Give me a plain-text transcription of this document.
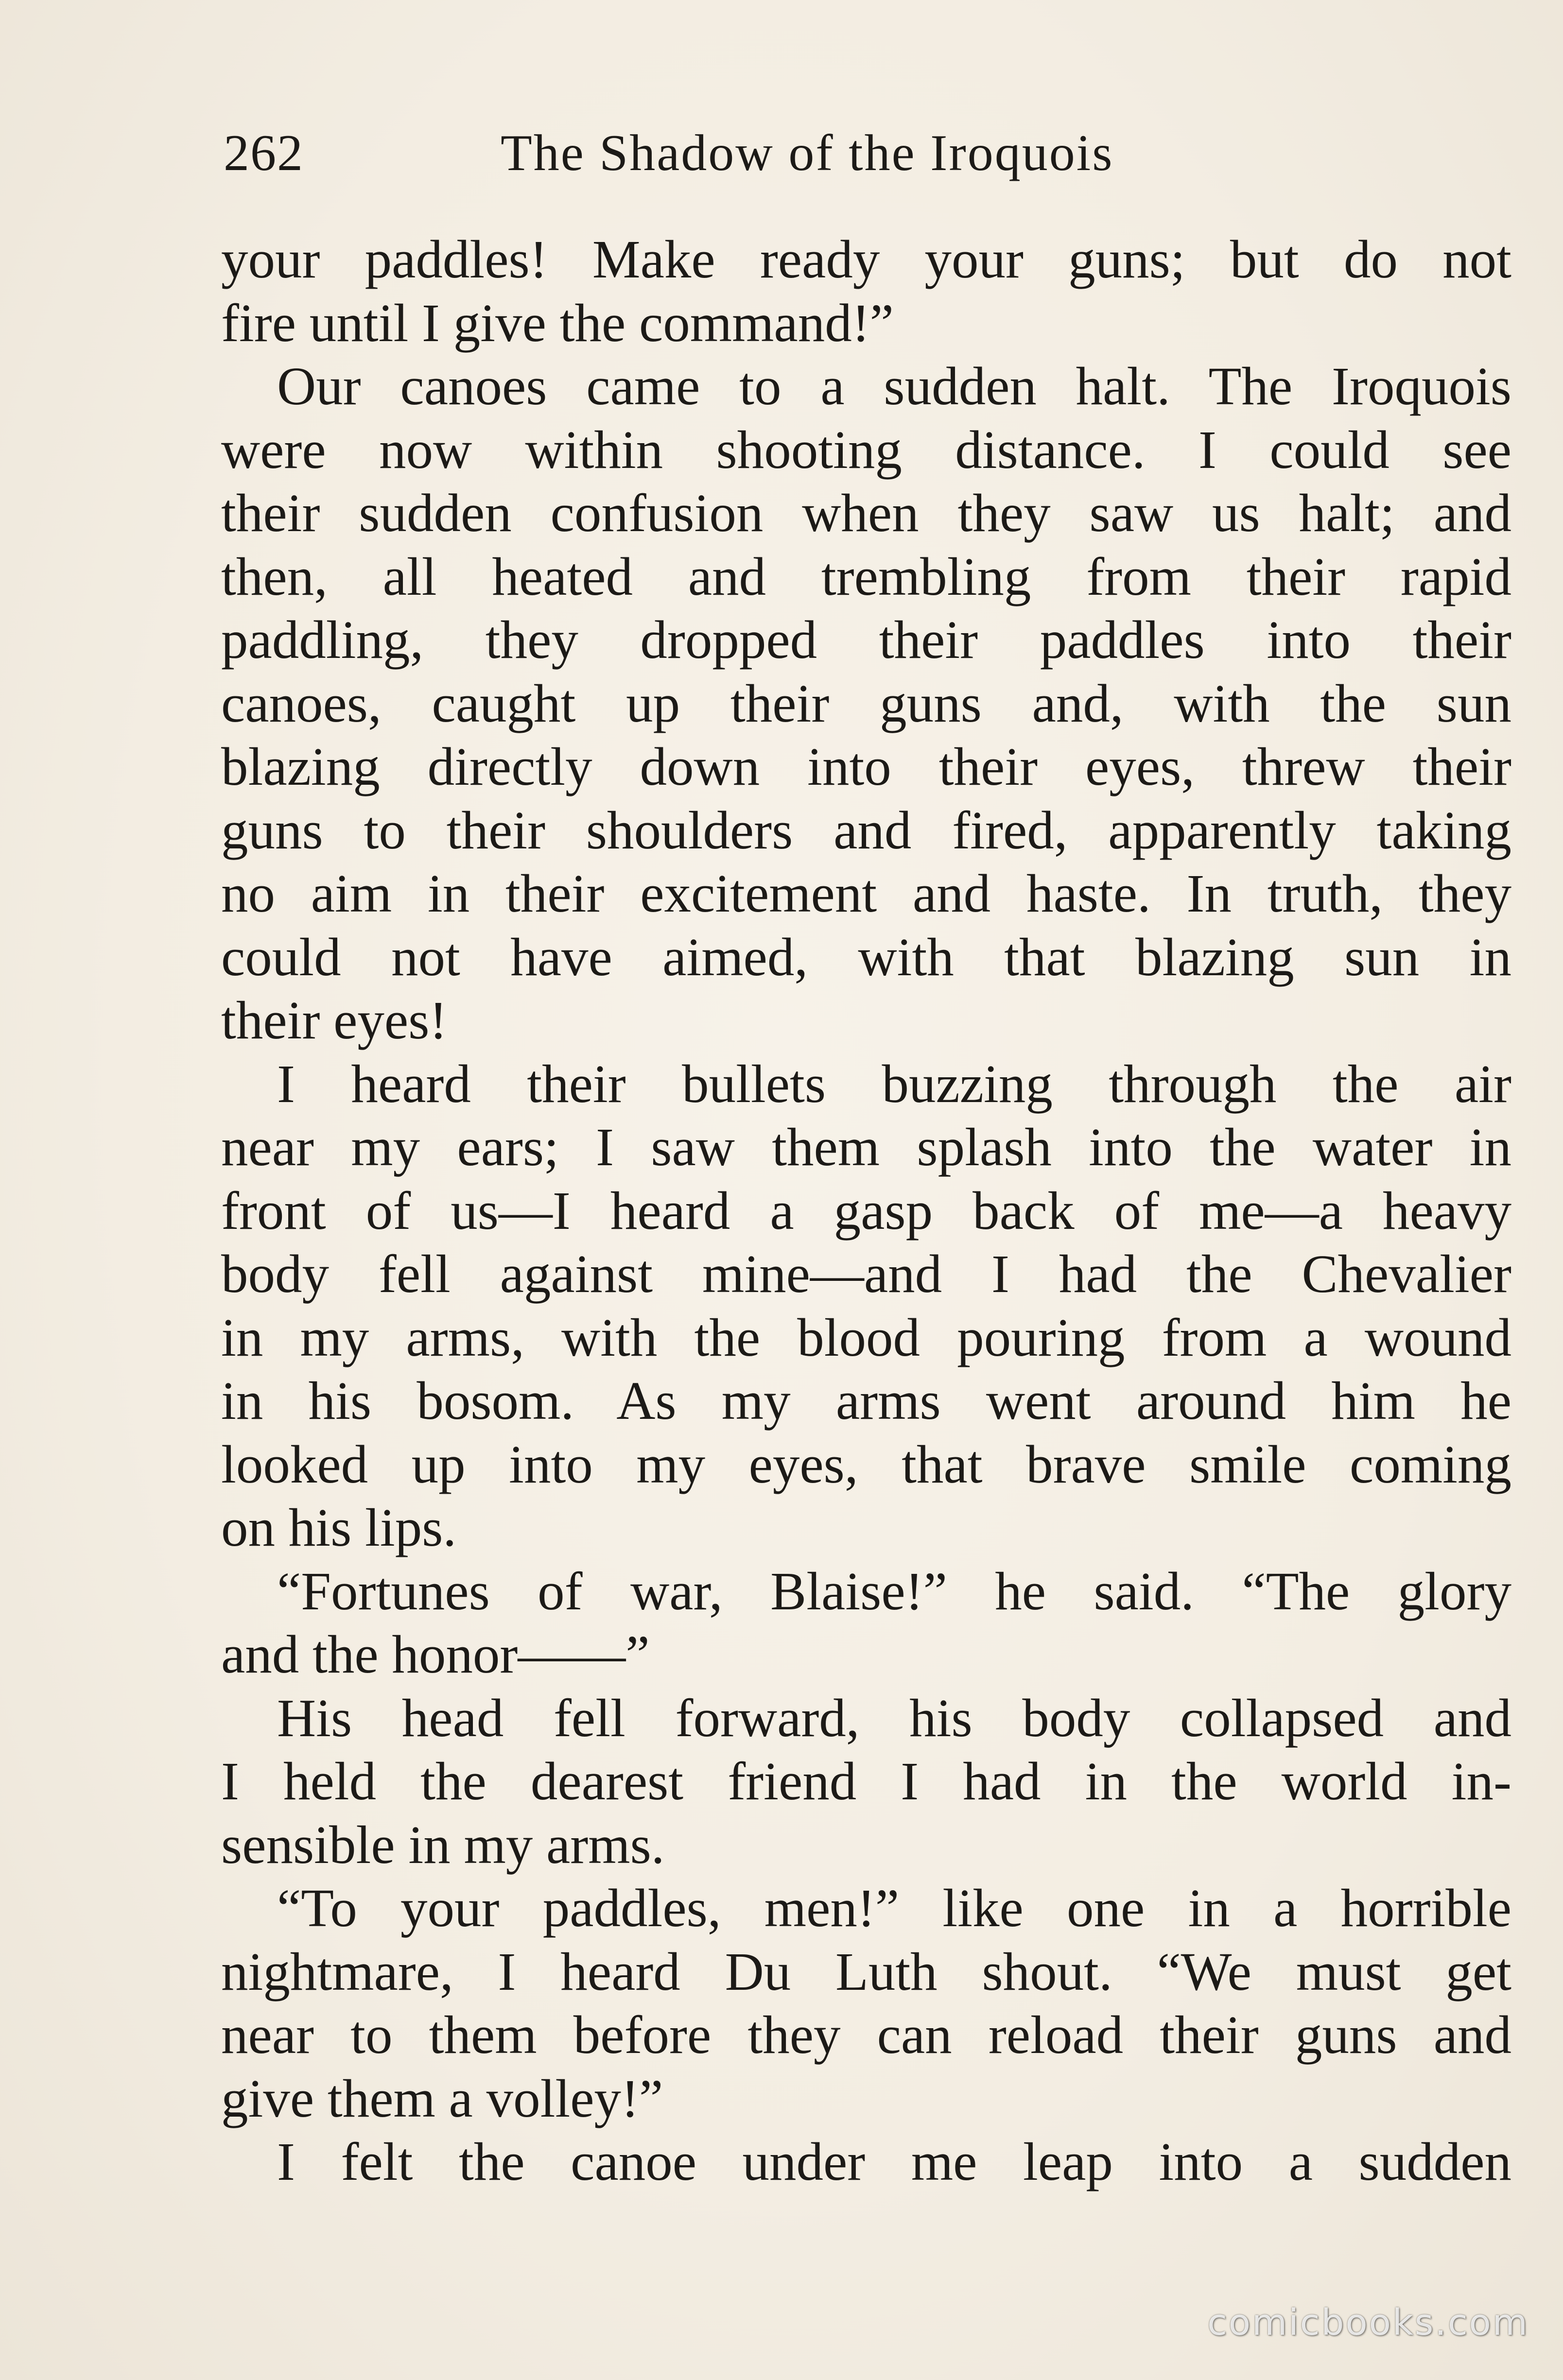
262	The Shadow of the Iroquois
your paddles! Make ready your guns; but do not
fire until I give the command!”
Our canoes came to a sudden halt. The Iroquois
were now within shooting distance. I could see
their sudden confusion when they saw us halt; and
then, all heated and trembling from their rapid
paddling, they dropped their paddles into their
canoes, caught up their guns and, with the sun
blazing directly down into their eyes, threw their
guns to their shoulders and fired, apparently taking
no aim in their excitement and haste. In truth, they
could not have aimed, with that blazing sun in
their eyes!
I heard their bullets buzzing through the air
near my ears; I saw them splash into the water in
front of us—I heard a gasp back of me—a heavy
body fell against mine—and I had the Chevalier
in my arms, with the blood pouring from a wound
in his bosom. As my arms went around him he
looked up into my eyes, that brave smile coming
on his lips.
“Fortunes of war, Blaise!” he said. “The glory
and the honor——”
His head fell forward, his body collapsed and
I held the dearest friend I had in the world in-
sensible in my arms.
“To your paddles, men!” like one in a horrible
nightmare, I heard Du Luth shout. “We must get
near to them before they can reload their guns and
give them a volley!”
I felt the canoe under me leap into a sudden
comicbooks.com
